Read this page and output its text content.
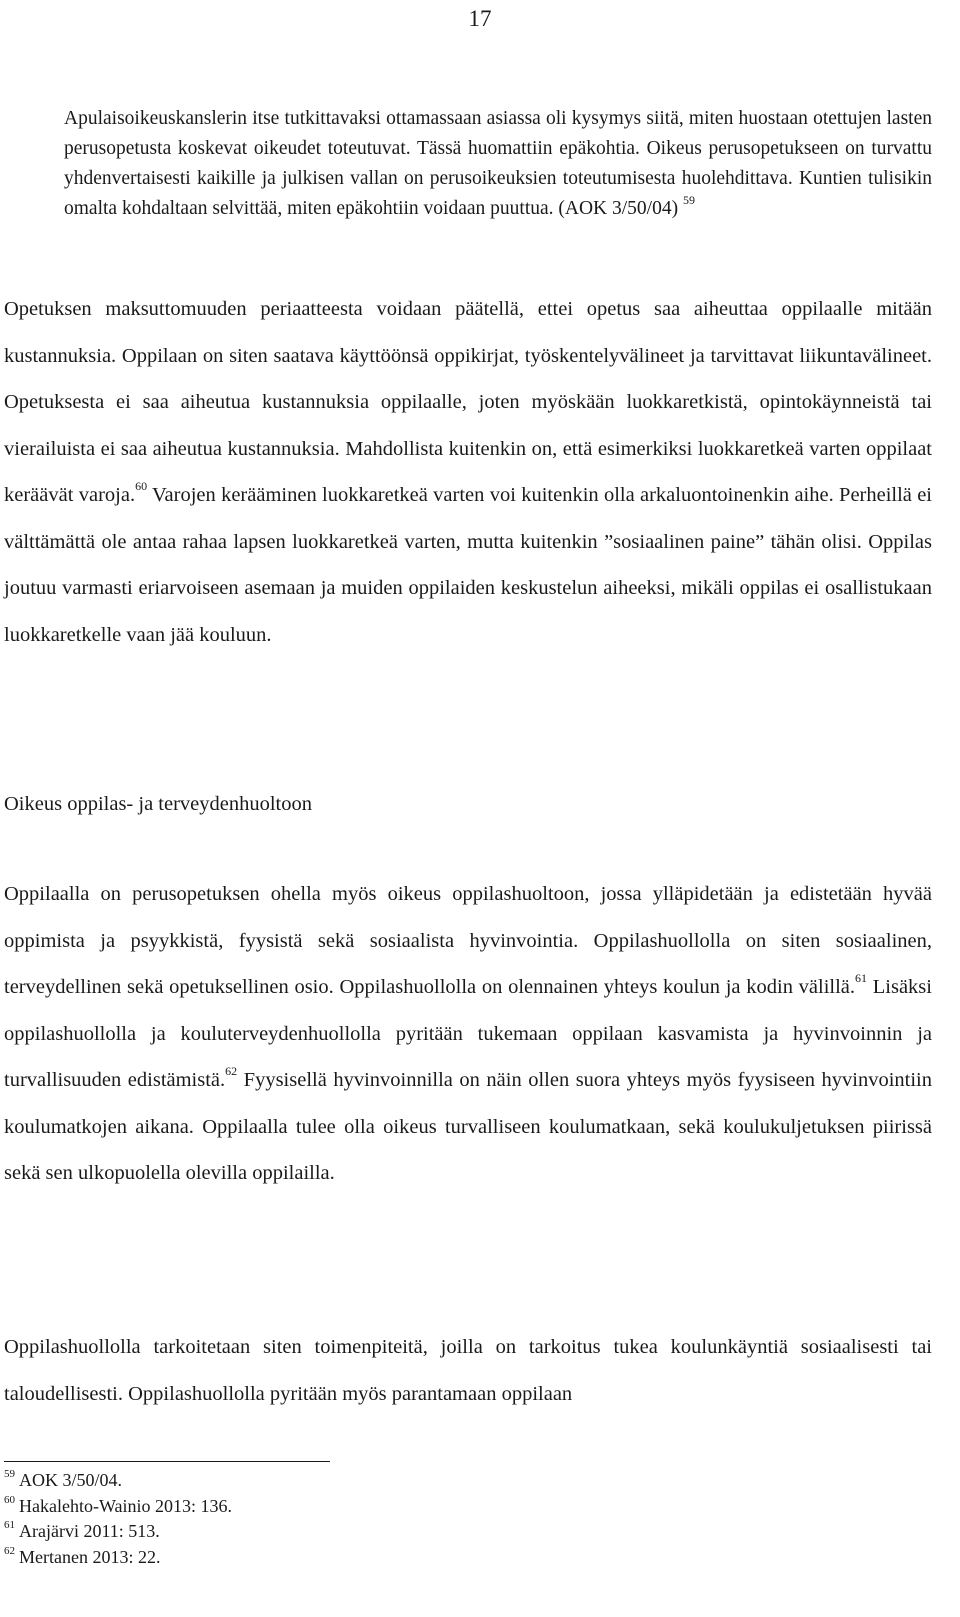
17
Apulaisoikeuskanslerin itse tutkittavaksi ottamassaan asiassa oli kysymys siitä, miten huostaan otettujen lasten perusopetusta koskevat oikeudet toteutuvat. Tässä huomattiin epäkohtia. Oikeus perusopetukseen on turvattu yhdenvertaisesti kaikille ja julkisen vallan on perusoikeuksien toteutumisesta huolehdittava. Kuntien tulisikin omalta kohdaltaan selvittää, miten epäkohtiin voidaan puuttua. (AOK 3/50/04) $^{59}$
Opetuksen maksuttomuuden periaatteesta voidaan päätellä, ettei opetus saa aiheuttaa oppilaalle mitään kustannuksia. Oppilaan on siten saatava käyttöönsä oppikirjat, työskentelyvälineet ja tarvittavat liikuntavälineet. Opetuksesta ei saa aiheutua kustannuksia oppilaalle, joten myöskään luokkaretkistä, opintokäynneistä tai vierailuista ei saa aiheutua kustannuksia. Mahdollista kuitenkin on, että esimerkiksi luokkaretkeä varten oppilaat keräävät varoja.$^{60}$ Varojen kerääminen luokkaretkeä varten voi kuitenkin olla arkaluontoinenkin aihe. Perheillä ei välttämättä ole antaa rahaa lapsen luokkaretkeä varten, mutta kuitenkin ”sosiaalinen paine” tähän olisi. Oppilas joutuu varmasti eriarvoiseen asemaan ja muiden oppilaiden keskustelun aiheeksi, mikäli oppilas ei osallistukaan luokkaretkelle vaan jää kouluun.
Oikeus oppilas- ja terveydenhuoltoon
Oppilaalla on perusopetuksen ohella myös oikeus oppilashuoltoon, jossa ylläpidetään ja edistetään hyvää oppimista ja psyykkistä, fyysistä sekä sosiaalista hyvinvointia. Oppilashuollolla on siten sosiaalinen, terveydellinen sekä opetuksellinen osio. Oppilashuollolla on olennainen yhteys koulun ja kodin välillä.$^{61}$ Lisäksi oppilashuollolla ja kouluterveydenhuollolla pyritään tukemaan oppilaan kasvamista ja hyvinvoinnin ja turvallisuuden edistämistä.$^{62}$ Fyysisellä hyvinvoinnilla on näin ollen suora yhteys myös fyysiseen hyvinvointiin koulumatkojen aikana. Oppilaalla tulee olla oikeus turvalliseen koulumatkaan, sekä koulukuljetuksen piirissä sekä sen ulkopuolella olevilla oppilailla.
Oppilashuollolla tarkoitetaan siten toimenpiteitä, joilla on tarkoitus tukea koulunkäyntiä sosiaalisesti tai taloudellisesti. Oppilashuollolla pyritään myös parantamaan oppilaan
$^{59}$ AOK 3/50/04.
$^{60}$ Hakalehto-Wainio 2013: 136.
$^{61}$ Arajärvi 2011: 513.
$^{62}$ Mertanen 2013: 22.
